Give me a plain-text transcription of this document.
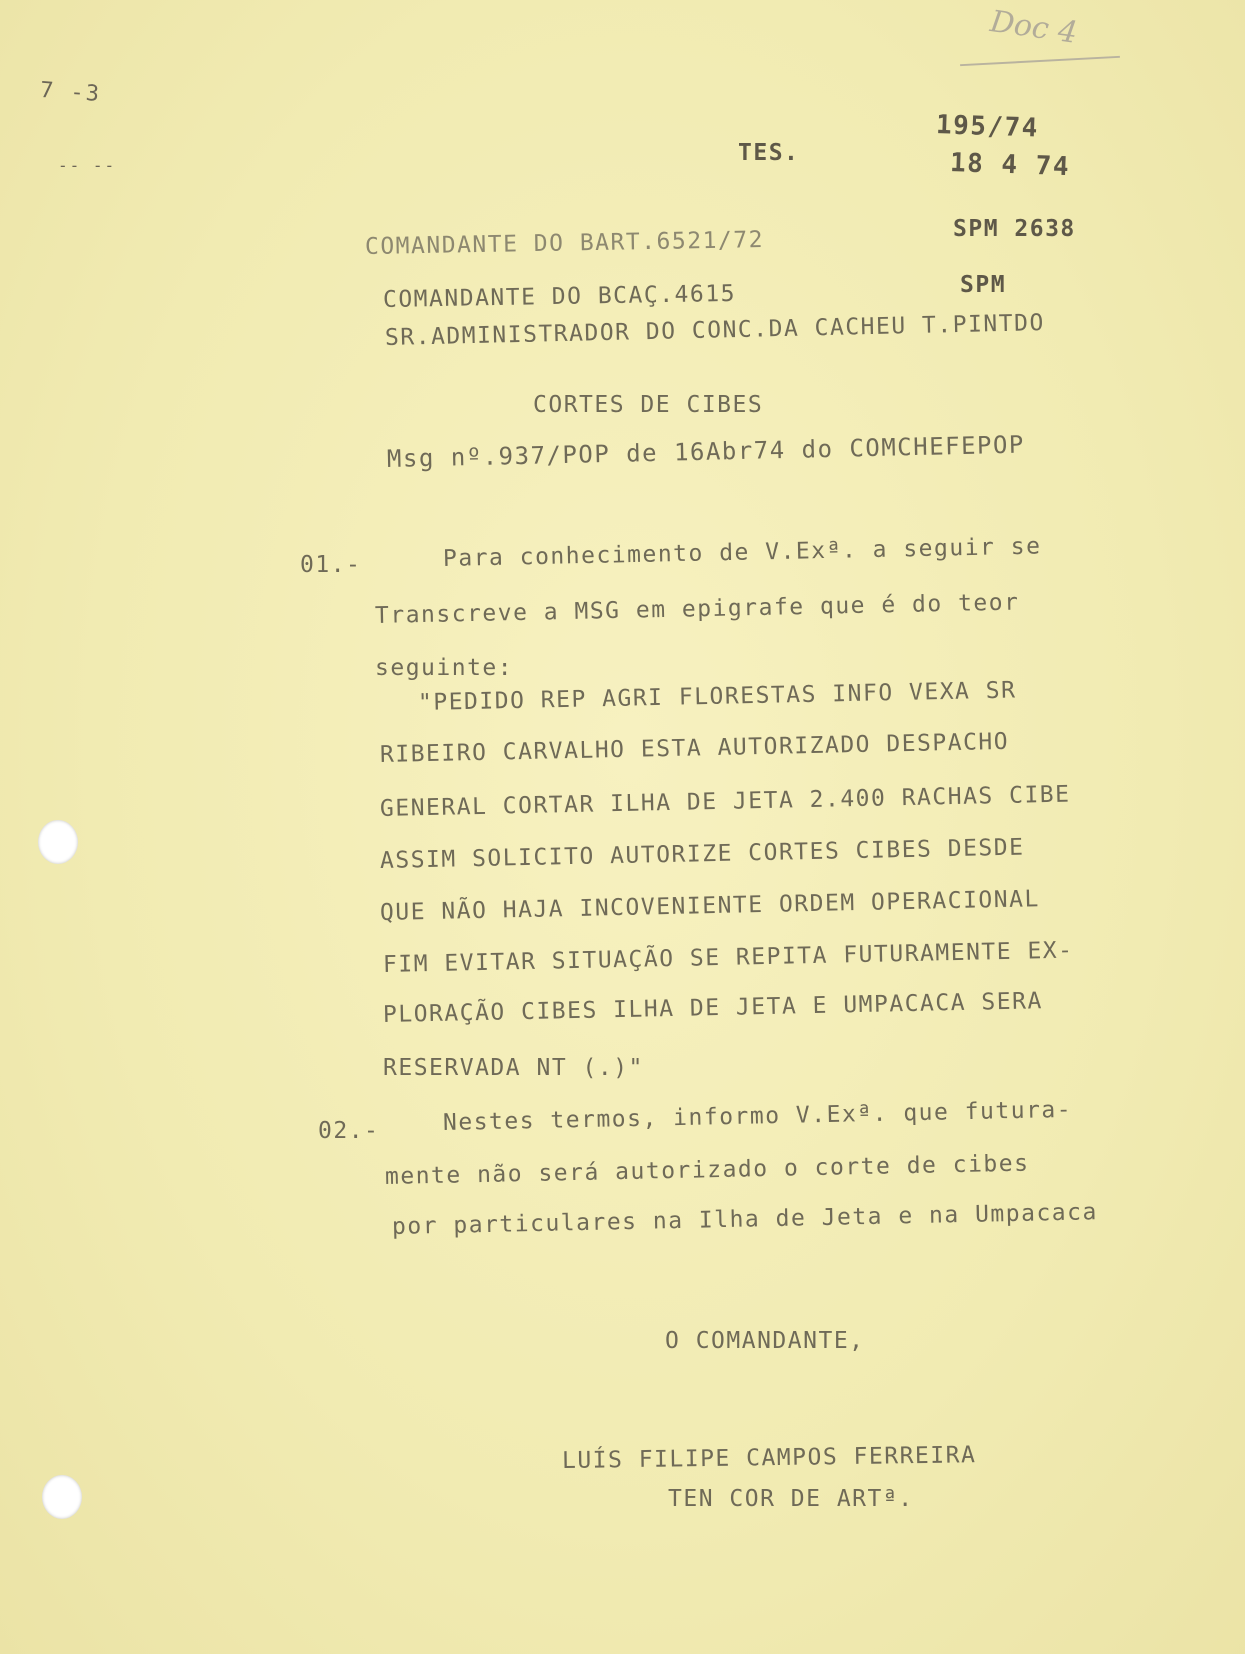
Doc 4
7 -3
-- --	TES.
195/74
18 4 74
COMANDANTE DO BART.6521/72	SPM 2638
COMANDANTE DO BCAÇ.4615	SPM
SR.ADMINISTRADOR DO CONC.DA CACHEU T.PINTDO
CORTES DE CIBES
Msg nº.937/POP de 16Abr74 do COMCHEFEPOP
01.-	Para conhecimento de V.Exª. a seguir se
Transcreve a MSG em epigrafe que é do teor
seguinte:
"PEDIDO REP AGRI FLORESTAS INFO VEXA SR
RIBEIRO CARVALHO ESTA AUTORIZADO DESPACHO
GENERAL CORTAR ILHA DE JETA 2.400 RACHAS CIBE
ASSIM SOLICITO AUTORIZE CORTES CIBES DESDE
QUE NÃO HAJA INCOVENIENTE ORDEM OPERACIONAL
FIM EVITAR SITUAÇÃO SE REPITA FUTURAMENTE EX-
PLORAÇÃO CIBES ILHA DE JETA E UMPACACA SERA
RESERVADA NT (.)"
02.-	Nestes termos, informo V.Exª. que futura-
mente não será autorizado o corte de cibes
por particulares na Ilha de Jeta e na Umpacaca
O COMANDANTE,
LUÍS FILIPE CAMPOS FERREIRA
TEN COR DE ARTª.
